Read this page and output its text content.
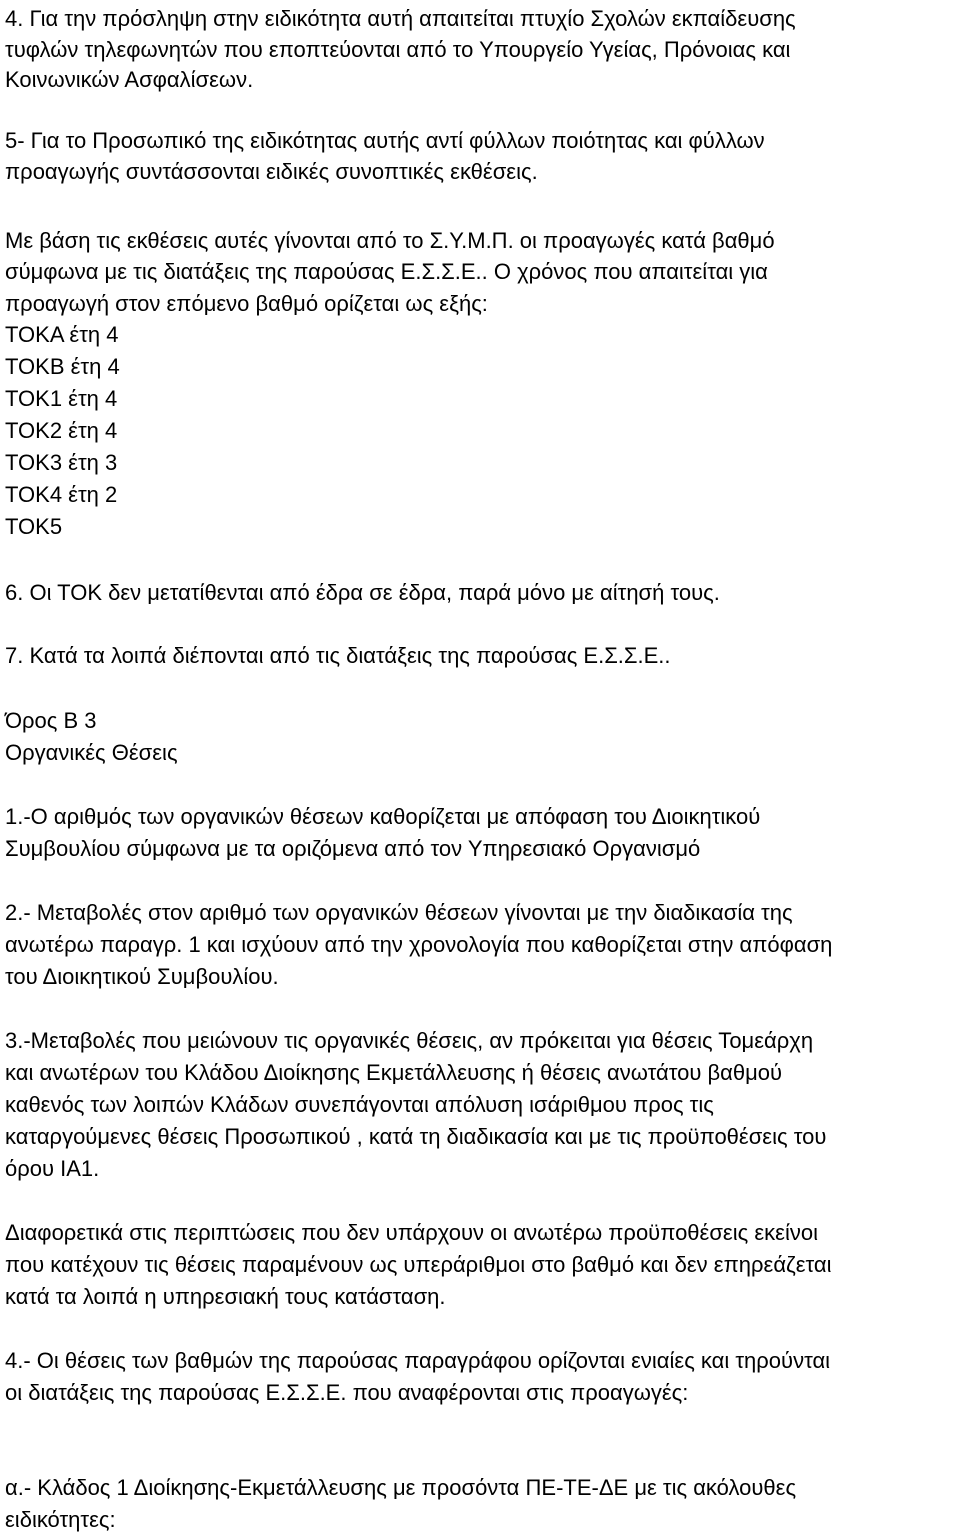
4. Για την πρόσληψη στην ειδικότητα αυτή απαιτείται πτυχίο Σχολών εκπαίδευσης
τυφλών τηλεφωνητών που εποπτεύονται από το Υπουργείο Υγείας, Πρόνοιας και
Κοινωνικών Ασφαλίσεων.
5- Για το Προσωπικό της ειδικότητας αυτής αντί φύλλων ποιότητας και φύλλων
προαγωγής συντάσσονται ειδικές συνοπτικές εκθέσεις.
Με βάση τις εκθέσεις αυτές γίνονται από το Σ.Υ.Μ.Π. οι προαγωγές κατά βαθμό
σύμφωνα με τις διατάξεις της παρούσας Ε.Σ.Σ.Ε.. Ο χρόνος που απαιτείται για
προαγωγή στον επόμενο βαθμό ορίζεται ως εξής:
ΤΟΚΑ έτη 4
ΤΟΚΒ έτη 4
ΤΟΚ1 έτη 4
ΤΟΚ2 έτη 4
ΤΟΚ3 έτη 3
ΤΟΚ4 έτη 2
ΤΟΚ5
6. Οι ΤΟΚ δεν μετατίθενται από έδρα σε έδρα, παρά μόνο με αίτησή τους.
7. Κατά τα λοιπά διέπονται από τις διατάξεις της παρούσας Ε.Σ.Σ.Ε..
Όρος Β 3
Οργανικές Θέσεις
1.-Ο αριθμός των οργανικών θέσεων καθορίζεται με απόφαση του Διοικητικού
Συμβουλίου σύμφωνα με τα οριζόμενα από τον Υπηρεσιακό Οργανισμό
2.- Μεταβολές στον αριθμό των οργανικών θέσεων γίνονται με την διαδικασία της
ανωτέρω παραγρ. 1 και ισχύουν από την χρονολογία που καθορίζεται στην απόφαση
του Διοικητικού Συμβουλίου.
3.-Μεταβολές που μειώνουν τις οργανικές θέσεις, αν πρόκειται για θέσεις Τομεάρχη
και ανωτέρων του Κλάδου Διοίκησης Εκμετάλλευσης ή θέσεις ανωτάτου βαθμού
καθενός των λοιπών Κλάδων συνεπάγονται απόλυση ισάριθμου προς τις
καταργούμενες θέσεις Προσωπικού , κατά τη διαδικασία και με τις προϋποθέσεις του
όρου ΙΑ1.
Διαφορετικά στις περιπτώσεις που δεν υπάρχουν οι ανωτέρω προϋποθέσεις εκείνοι
που κατέχουν τις θέσεις παραμένουν ως υπεράριθμοι στο βαθμό και δεν επηρεάζεται
κατά τα λοιπά η υπηρεσιακή τους κατάσταση.
4.- Οι θέσεις των βαθμών της παρούσας παραγράφου ορίζονται ενιαίες και τηρούνται
οι διατάξεις της παρούσας Ε.Σ.Σ.Ε. που αναφέρονται στις προαγωγές:
α.- Κλάδος 1 Διοίκησης-Εκμετάλλευσης με προσόντα ΠΕ-ΤΕ-ΔΕ με τις ακόλουθες
ειδικότητες:
